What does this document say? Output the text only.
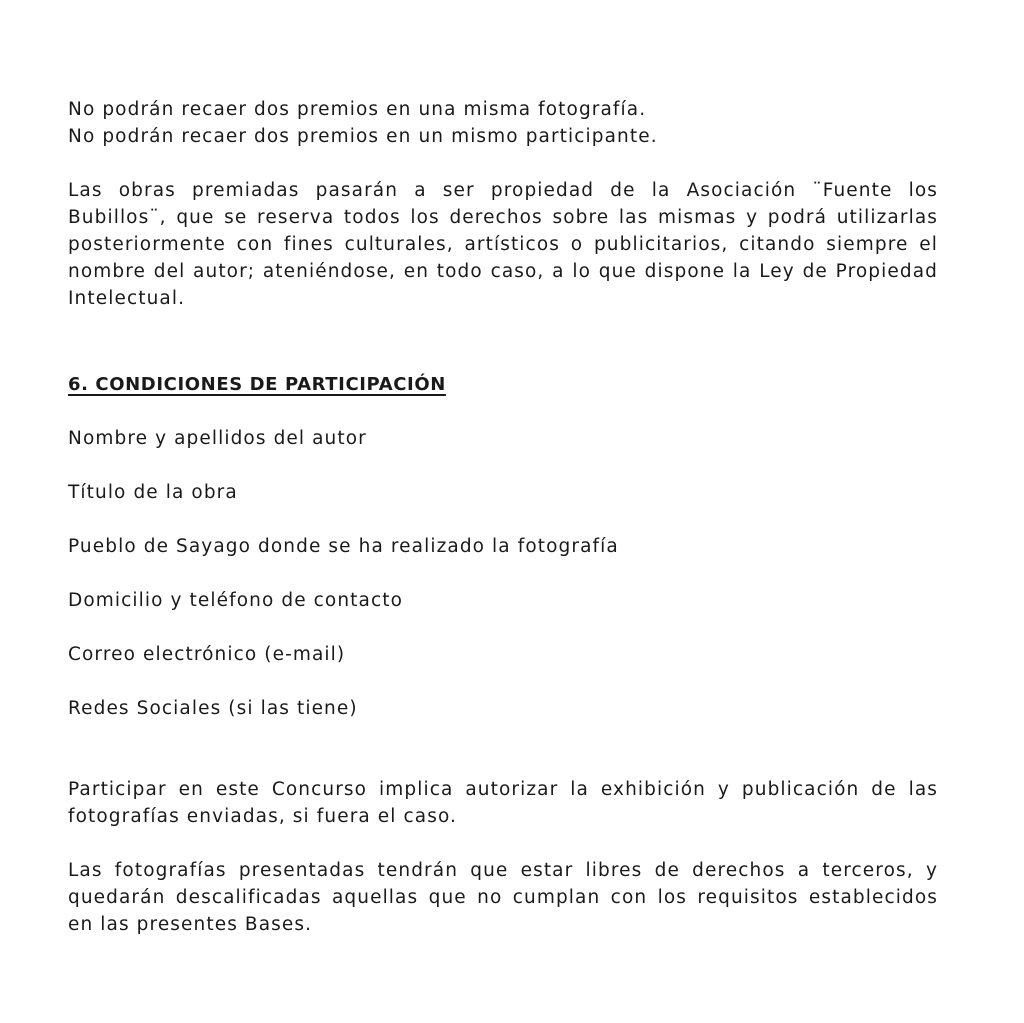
No podrán recaer dos premios en una misma fotografía.

No podrán recaer dos premios en un mismo participante.

Las obras premiadas pasarán a ser propiedad de la Asociación ¨Fuente los Bubillos¨, que se reserva todos los derechos sobre las mismas y podrá utilizarlas posteriormente con fines culturales, artísticos o publicitarios, citando siempre el nombre del autor; ateniéndose, en todo caso, a lo que dispone la Ley de Propiedad Intelectual.

6. CONDICIONES DE PARTICIPACIÓN

Nombre y apellidos del autor

Título de la obra

Pueblo de Sayago donde se ha realizado la fotografía

Domicilio y teléfono de contacto

Correo electrónico (e-mail)

Redes Sociales (si las tiene)

Participar en este Concurso implica autorizar la exhibición y publicación de las fotografías enviadas, si fuera el caso.

Las fotografías presentadas tendrán que estar libres de derechos a terceros, y quedarán descalificadas aquellas que no cumplan con los requisitos establecidos en las presentes Bases.
